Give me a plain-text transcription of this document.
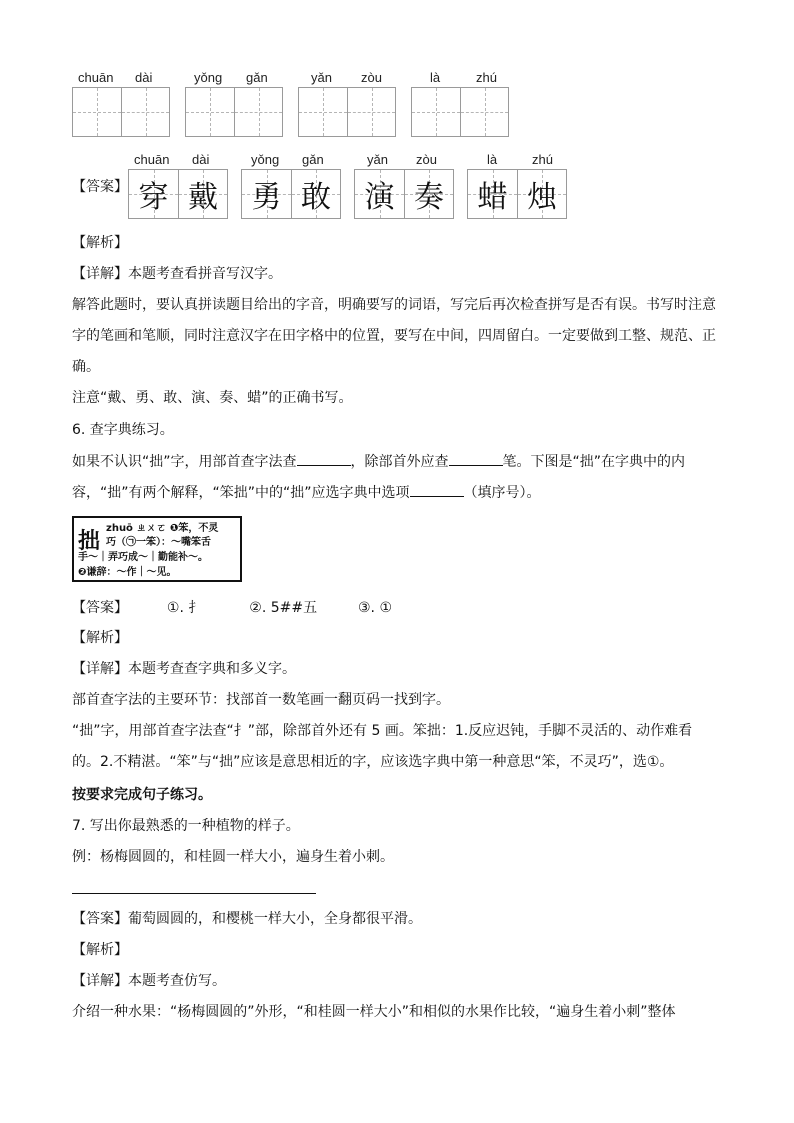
chuān dài	yǒng gǎn	yǎn zòu	là	zhú
【答案】
chuān dài
穿 戴
yǒng gǎn
勇 敢
yǎn zòu
演 奏
là	zhú
蜡 烛
【解析】
【详解】本题考查看拼音写汉字。
解答此题时，要认真拼读题目给出的字音，明确要写的词语，写完后再次检查拼写是否有误。书写时注意
字的笔画和笔顺，同时注意汉字在田字格中的位置，要写在中间，四周留白。一定要做到工整、规范、正
确。
注意“戴、勇、敢、演、奏、蜡”的正确书写。
6. 查字典练习。
如果不认识“拙”字，用部首查字法查	，除部首外应查	笔。下图是“拙”在字典中的内
容，“拙”有两个解释，“笨拙”中的“拙”应选字典中选项	（填序号）。
拙 zhuō ㄓㄨㄛ ❶笨，不灵
巧（㉠一笨）：～嘴笨舌
手～｜弄巧成～｜勤能补～。
❷谦辞：～作｜～见。
【答案】	①. 扌	②. 5##五	③. ①
【解析】
【详解】本题考查查字典和多义字。
部首查字法的主要环节：找部首一数笔画一翻页码一找到字。
“拙”字，用部首查字法查“扌”部，除部首外还有 5 画。笨拙：1.反应迟钝，手脚不灵活的、动作难看
的。2.不精湛。“笨”与“拙”应该是意思相近的字，应该选字典中第一种意思“笨，不灵巧”，选①。
按要求完成句子练习。
7. 写出你最熟悉的一种植物的样子。
例：杨梅圆圆的，和桂圆一样大小，遍身生着小刺。
【答案】葡萄圆圆的，和樱桃一样大小，全身都很平滑。
【解析】
【详解】本题考查仿写。
介绍一种水果：“杨梅圆圆的”外形，“和桂圆一样大小”和相似的水果作比较，“遍身生着小刺”整体
